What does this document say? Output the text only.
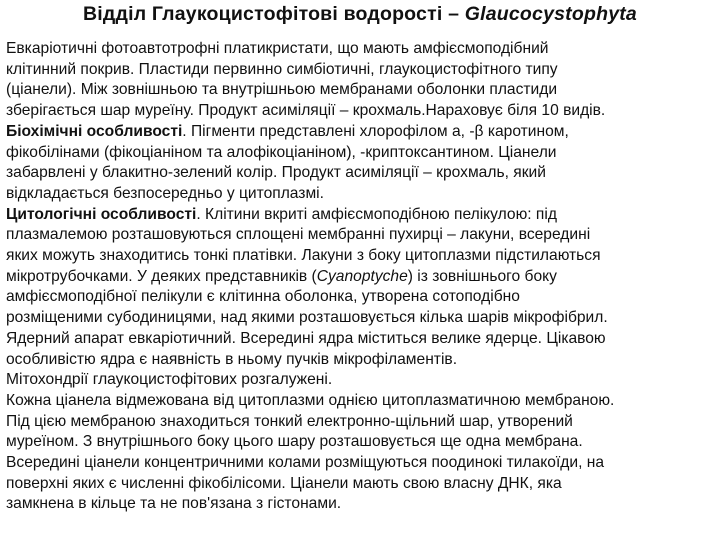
Відділ Глаукоцистофітові водорості – Glaucocystophyta
Евкаріотичні фотоавтотрофні платикристати, що мають амфієсмоподібний
клітинний покрив. Пластиди первинно симбіотичні, глаукоцистофітного типу
(ціанели). Між зовнішньою та внутрішньою мембранами оболонки пластиди
зберігається шар муреїну. Продукт асиміляції – крохмаль.Нараховує біля 10 видів.
Біохімічні особливості. Пігменти представлені хлорофілом а, -β каротином,
фікобілінами (фікоціаніном та алофікоціаніном), -криптоксантином. Ціанели
забарвлені у блакитно-зелений колір. Продукт асиміляції – крохмаль, який
відкладається безпосередньо у цитоплазмі.
Цитологічні особливості. Клітини вкриті амфієсмоподібною пелікулою: під
плазмалемою розташовуються сплощені мембранні пухирці – лакуни, всередині
яких можуть знаходитись тонкі платівки. Лакуни з боку цитоплазми підстилаються
мікротрубочками. У деяких представників (Cyanoptyche) із зовнішнього боку
амфієсмоподібної пелікули є клітинна оболонка, утворена сотоподібно
розміщеними субодиницями, над якими розташовується кілька шарів мікрофібрил.
Ядерний апарат евкаріотичний. Всередині ядра міститься велике ядерце. Цікавою
особливістю ядра є наявність в ньому пучків мікрофіламентів.
Мітохондрії глаукоцистофітових розгалужені.
Кожна ціанела відмежована від цитоплазми однією цитоплазматичною мембраною.
Під цією мембраною знаходиться тонкий електронно-щільний шар, утворений
муреїном. З внутрішнього боку цього шару розташовується ще одна мембрана.
Всередині ціанели концентричними колами розміщуються поодинокі тилакоїди, на
поверхні яких є численні фікобілісоми. Ціанели мають свою власну ДНК, яка
замкнена в кільце та не пов'язана з гістонами.
